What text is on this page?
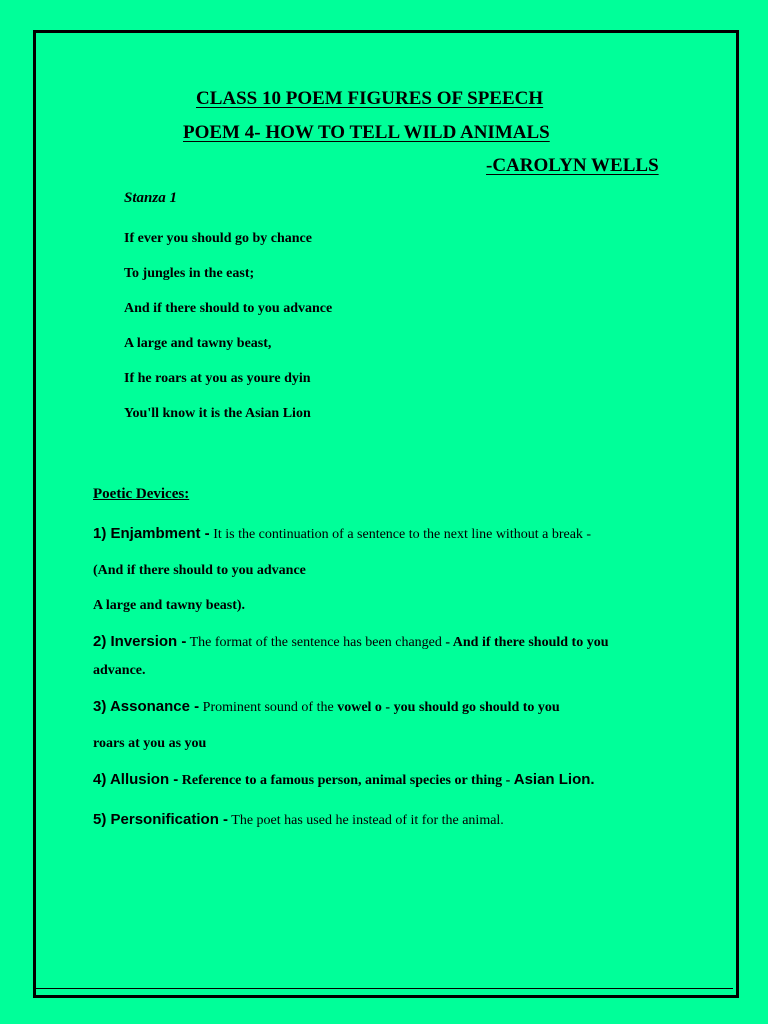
CLASS 10 POEM FIGURES OF SPEECH
POEM 4- HOW TO TELL WILD ANIMALS
-CAROLYN WELLS
Stanza 1
If ever you should go by chance
To jungles in the east;
And if there should to you advance
A large and tawny beast,
If he roars at you as youre dyin
You'll know it is the Asian Lion
Poetic Devices:
1) Enjambment - It is the continuation of a sentence to the next line without a break -
(And if there should to you advance
A large and tawny beast).
2) Inversion - The format of the sentence has been changed - And if there should to you
advance.
3) Assonance - Prominent sound of the vowel o - you should go should to you
roars at you as you
4) Allusion - Reference to a famous person, animal species or thing - Asian Lion.
5) Personification - The poet has used he instead of it for the animal.
